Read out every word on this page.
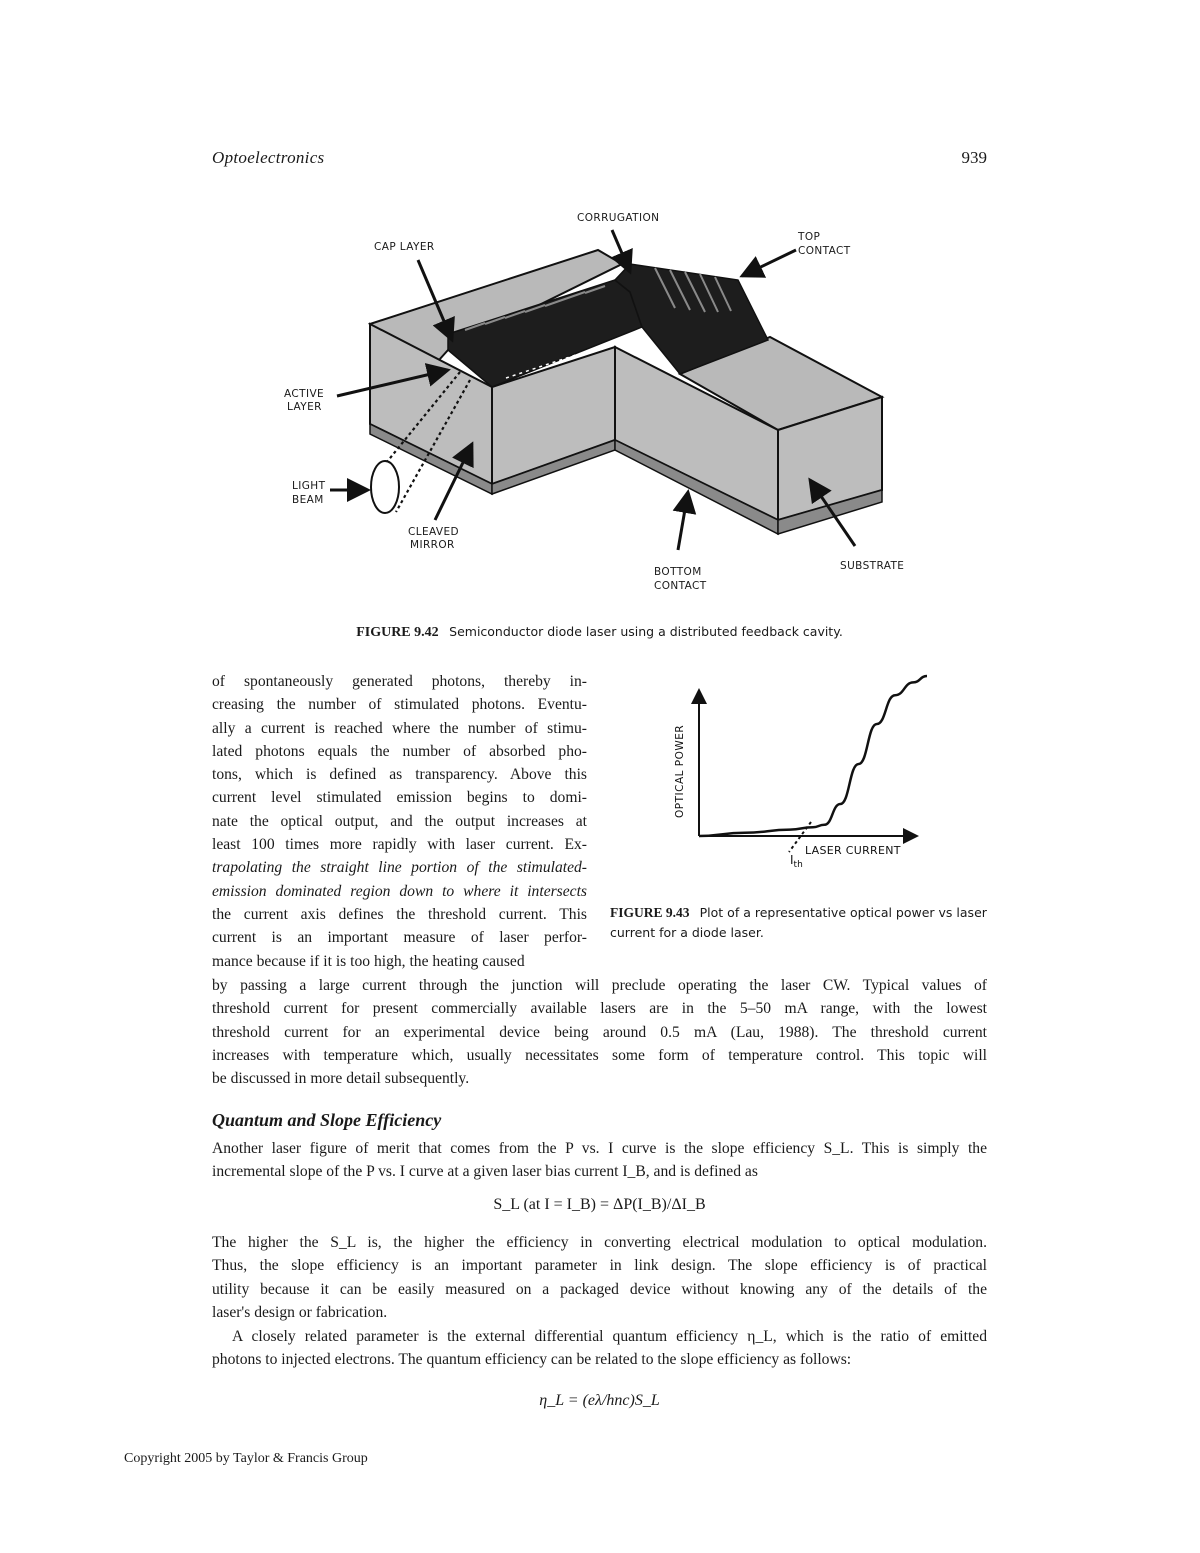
Optoelectronics	939
CORRUGATION
CAP LAYER
TOP
CONTACT
ACTIVE
LAYER
LIGHT
BEAM
CLEAVED
MIRROR
BOTTOM
CONTACT
SUBSTRATE
FIGURE 9.42 Semiconductor diode laser using a distributed feedback cavity.
of spontaneously generated photons, thereby in-
creasing the number of stimulated photons. Eventu-
ally a current is reached where the number of stimu-
lated photons equals the number of absorbed pho-
tons, which is defined as transparency. Above this
current level stimulated emission begins to domi-
nate the optical output, and the output increases at
least 100 times more rapidly with laser current. Ex-
trapolating the straight line portion of the stimulated-
emission dominated region down to where it intersects
the current axis defines the threshold current. This
current is an important measure of laser perfor-
mance because if it is too high, the heating caused
OPTICAL POWER
LASER CURRENT
$I_{th}$
FIGURE 9.43 Plot of a representative optical power vs laser current for a diode laser.
by passing a large current through the junction will preclude operating the laser CW. Typical values of
threshold current for present commercially available lasers are in the 5–50 mA range, with the lowest
threshold current for an experimental device being around 0.5 mA (Lau, 1988). The threshold current
increases with temperature which, usually necessitates some form of temperature control. This topic will
be discussed in more detail subsequently.
Quantum and Slope Efficiency
Another laser figure of merit that comes from the P vs. I curve is the slope efficiency S_L. This is simply the
incremental slope of the P vs. I curve at a given laser bias current I_B, and is defined as
S_L (at I = I_B) = ΔP(I_B)/ΔI_B
The higher the S_L is, the higher the efficiency in converting electrical modulation to optical modulation.
Thus, the slope efficiency is an important parameter in link design. The slope efficiency is of practical
utility because it can be easily measured on a packaged device without knowing any of the details of the
laser's design or fabrication.
A closely related parameter is the external differential quantum efficiency η_L, which is the ratio of emitted
photons to injected electrons. The quantum efficiency can be related to the slope efficiency as follows:
η_L = (eλ/hnc)S_L
Copyright 2005 by Taylor & Francis Group
